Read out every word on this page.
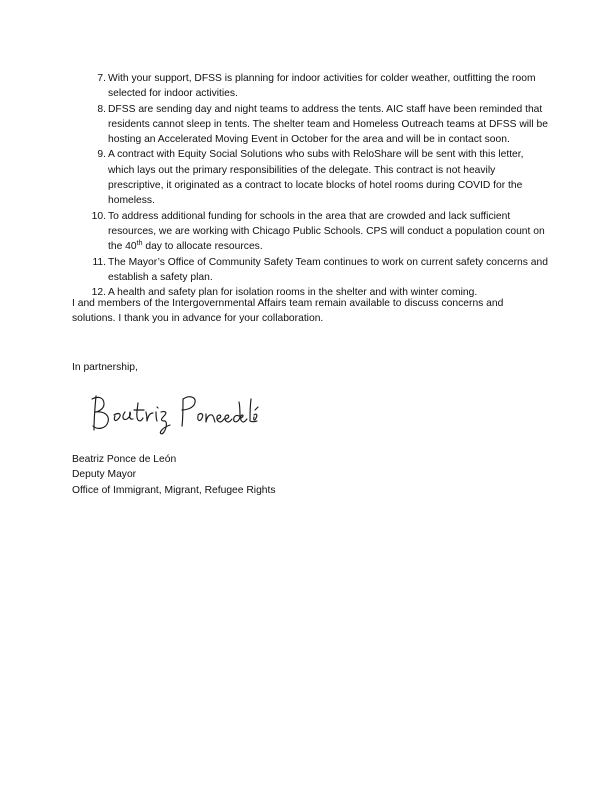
7. With your support, DFSS is planning for indoor activities for colder weather, outfitting the room selected for indoor activities.
8. DFSS are sending day and night teams to address the tents. AIC staff have been reminded that residents cannot sleep in tents. The shelter team and Homeless Outreach teams at DFSS will be hosting an Accelerated Moving Event in October for the area and will be in contact soon.
9. A contract with Equity Social Solutions who subs with ReloShare will be sent with this letter, which lays out the primary responsibilities of the delegate. This contract is not heavily prescriptive, it originated as a contract to locate blocks of hotel rooms during COVID for the homeless.
10. To address additional funding for schools in the area that are crowded and lack sufficient resources, we are working with Chicago Public Schools. CPS will conduct a population count on the 40th day to allocate resources.
11. The Mayor’s Office of Community Safety Team continues to work on current safety concerns and establish a safety plan.
12. A health and safety plan for isolation rooms in the shelter and with winter coming.

I and members of the Intergovernmental Affairs team remain available to discuss concerns and solutions. I thank you in advance for your collaboration.

In partnership,

Beatriz Ponce de León
Deputy Mayor
Office of Immigrant, Migrant, Refugee Rights
